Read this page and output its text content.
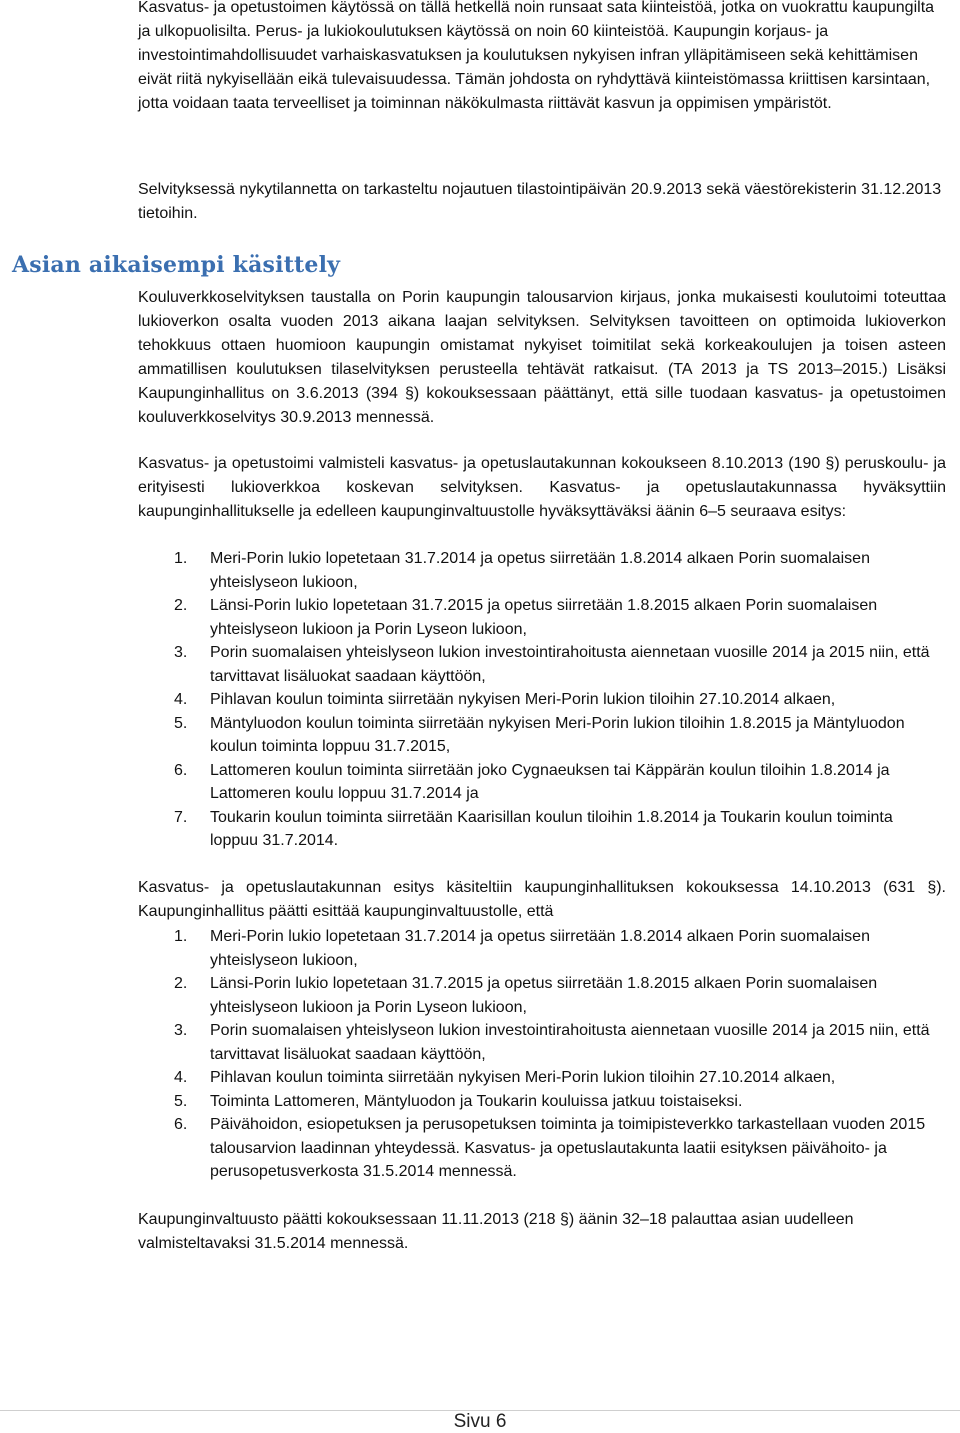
Kasvatus- ja opetustoimen käytössä on tällä hetkellä noin runsaat sata kiinteistöä, jotka on vuokrattu kaupungilta ja ulkopuolisilta. Perus- ja lukiokoulutuksen käytössä on noin 60 kiinteistöä. Kaupungin korjaus- ja investointimahdollisuudet varhaiskasvatuksen ja koulutuksen nykyisen infran ylläpitämiseen sekä kehittämisen eivät riitä nykyisellään eikä tulevaisuudessa. Tämän johdosta on ryhdyttävä kiinteistömassa kriittisen karsintaan, jotta voidaan taata terveelliset ja toiminnan näkökulmasta riittävät kasvun ja oppimisen ympäristöt.

Selvityksessä nykytilannetta on tarkasteltu nojautuen tilastointipäivän 20.9.2013 sekä väestörekisterin 31.12.2013 tietoihin.

Asian aikaisempi käsittely

Kouluverkkoselvityksen taustalla on Porin kaupungin talousarvion kirjaus, jonka mukaisesti koulutoimi toteuttaa lukioverkon osalta vuoden 2013 aikana laajan selvityksen. Selvityksen tavoitteen on optimoida lukioverkon tehokkuus ottaen huomioon kaupungin omistamat nykyiset toimitilat sekä korkeakoulujen ja toisen asteen ammatillisen koulutuksen tilaselvityksen perusteella tehtävät ratkaisut. (TA 2013 ja TS 2013–2015.) Lisäksi Kaupunginhallitus on 3.6.2013 (394 §) kokouksessaan päättänyt, että sille tuodaan kasvatus- ja opetustoimen kouluverkkoselvitys 30.9.2013 mennessä.

Kasvatus- ja opetustoimi valmisteli kasvatus- ja opetuslautakunnan kokoukseen 8.10.2013 (190 §) peruskoulu- ja erityisesti lukioverkkoa koskevan selvityksen. Kasvatus- ja opetuslautakunnassa hyväksyttiin kaupunginhallitukselle ja edelleen kaupunginvaltuustolle hyväksyttäväksi äänin 6–5 seuraava esitys:

1. Meri-Porin lukio lopetetaan 31.7.2014 ja opetus siirretään 1.8.2014 alkaen Porin suomalaisen yhteislyseon lukioon,
2. Länsi-Porin lukio lopetetaan 31.7.2015 ja opetus siirretään 1.8.2015 alkaen Porin suomalaisen yhteislyseon lukioon ja Porin Lyseon lukioon,
3. Porin suomalaisen yhteislyseon lukion investointirahoitusta aiennetaan vuosille 2014 ja 2015 niin, että tarvittavat lisäluokat saadaan käyttöön,
4. Pihlavan koulun toiminta siirretään nykyisen Meri-Porin lukion tiloihin 27.10.2014 alkaen,
5. Mäntyluodon koulun toiminta siirretään nykyisen Meri-Porin lukion tiloihin 1.8.2015 ja Mäntyluodon koulun toiminta loppuu 31.7.2015,
6. Lattomeren koulun toiminta siirretään joko Cygnaeuksen tai Käppärän koulun tiloihin 1.8.2014 ja Lattomeren koulu loppuu 31.7.2014 ja
7. Toukarin koulun toiminta siirretään Kaarisillan koulun tiloihin 1.8.2014 ja Toukarin koulun toiminta loppuu 31.7.2014.

Kasvatus- ja opetuslautakunnan esitys käsiteltiin kaupunginhallituksen kokouksessa 14.10.2013 (631 §). Kaupunginhallitus päätti esittää kaupunginvaltuustolle, että

1. Meri-Porin lukio lopetetaan 31.7.2014 ja opetus siirretään 1.8.2014 alkaen Porin suomalaisen yhteislyseon lukioon,
2. Länsi-Porin lukio lopetetaan 31.7.2015 ja opetus siirretään 1.8.2015 alkaen Porin suomalaisen yhteislyseon lukioon ja Porin Lyseon lukioon,
3. Porin suomalaisen yhteislyseon lukion investointirahoitusta aiennetaan vuosille 2014 ja 2015 niin, että tarvittavat lisäluokat saadaan käyttöön,
4. Pihlavan koulun toiminta siirretään nykyisen Meri-Porin lukion tiloihin 27.10.2014 alkaen,
5. Toiminta Lattomeren, Mäntyluodon ja Toukarin kouluissa jatkuu toistaiseksi.
6. Päivähoidon, esiopetuksen ja perusopetuksen toiminta ja toimipisteverkko tarkastellaan vuoden 2015 talousarvion laadinnan yhteydessä. Kasvatus- ja opetuslautakunta laatii esityksen päivähoito- ja perusopetusverkosta 31.5.2014 mennessä.

Kaupunginvaltuusto päätti kokouksessaan 11.11.2013 (218 §) äänin 32–18 palauttaa asian uudelleen valmisteltavaksi 31.5.2014 mennessä.

Sivu 6
